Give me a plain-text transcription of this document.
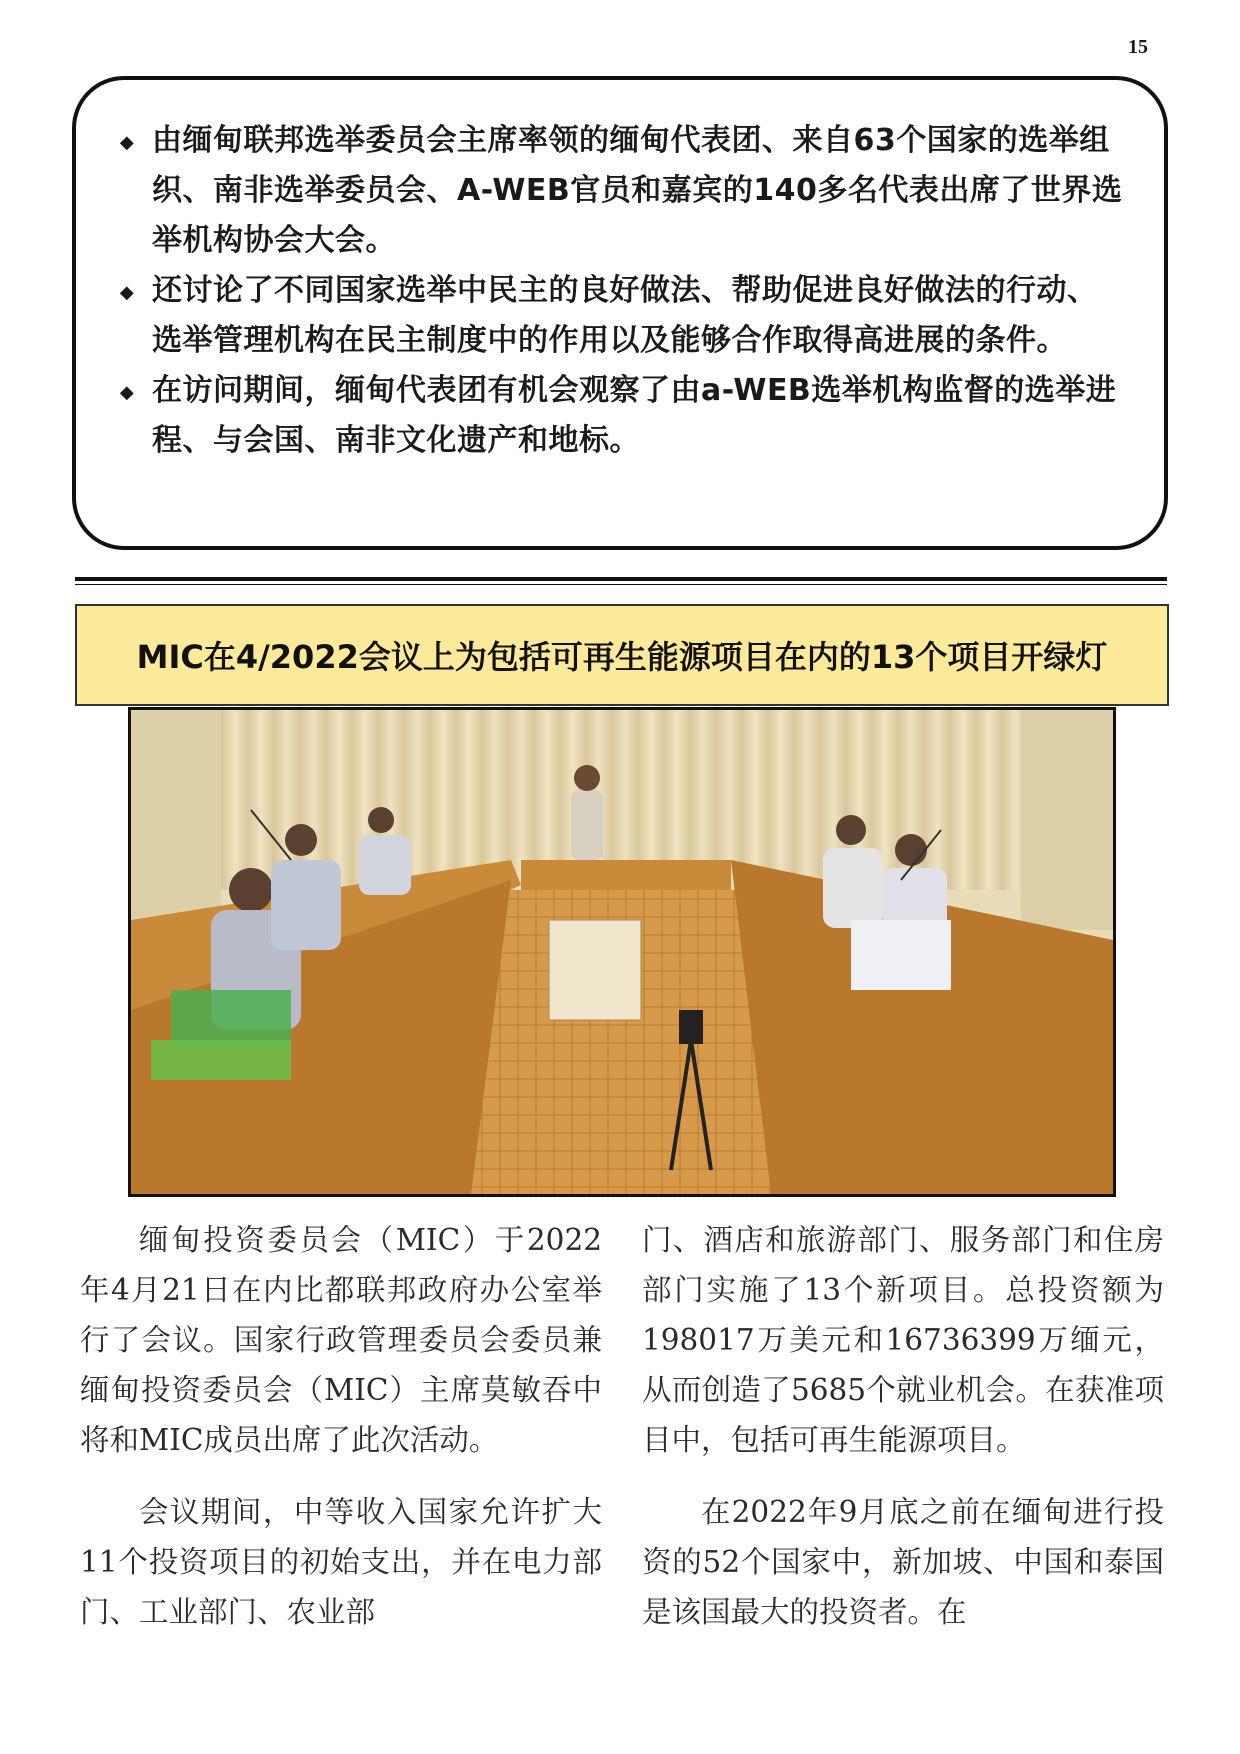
15
◆ 由缅甸联邦选举委员会主席率领的缅甸代表团、来自63个国家的选举组织、南非选举委员会、A-WEB官员和嘉宾的140多名代表出席了世界选举机构协会大会。
◆ 还讨论了不同国家选举中民主的良好做法、帮助促进良好做法的行动、选举管理机构在民主制度中的作用以及能够合作取得高进展的条件。
◆ 在访问期间，缅甸代表团有机会观察了由a-WEB选举机构监督的选举进程、与会国、南非文化遗产和地标。
MIC在4/2022会议上为包括可再生能源项目在内的13个项目开绿灯

缅甸投资委员会（MIC）于2022年4月21日在内比都联邦政府办公室举行了会议。国家行政管理委员会委员兼缅甸投资委员会（MIC）主席莫敏吞中将和MIC成员出席了此次活动。

会议期间，中等收入国家允许扩大11个投资项目的初始支出，并在电力部门、工业部门、农业部

门、酒店和旅游部门、服务部门和住房部门实施了13个新项目。总投资额为198017万美元和16736399万缅元，从而创造了5685个就业机会。在获准项目中，包括可再生能源项目。

在2022年9月底之前在缅甸进行投资的52个国家中，新加坡、中国和泰国是该国最大的投资者。在
